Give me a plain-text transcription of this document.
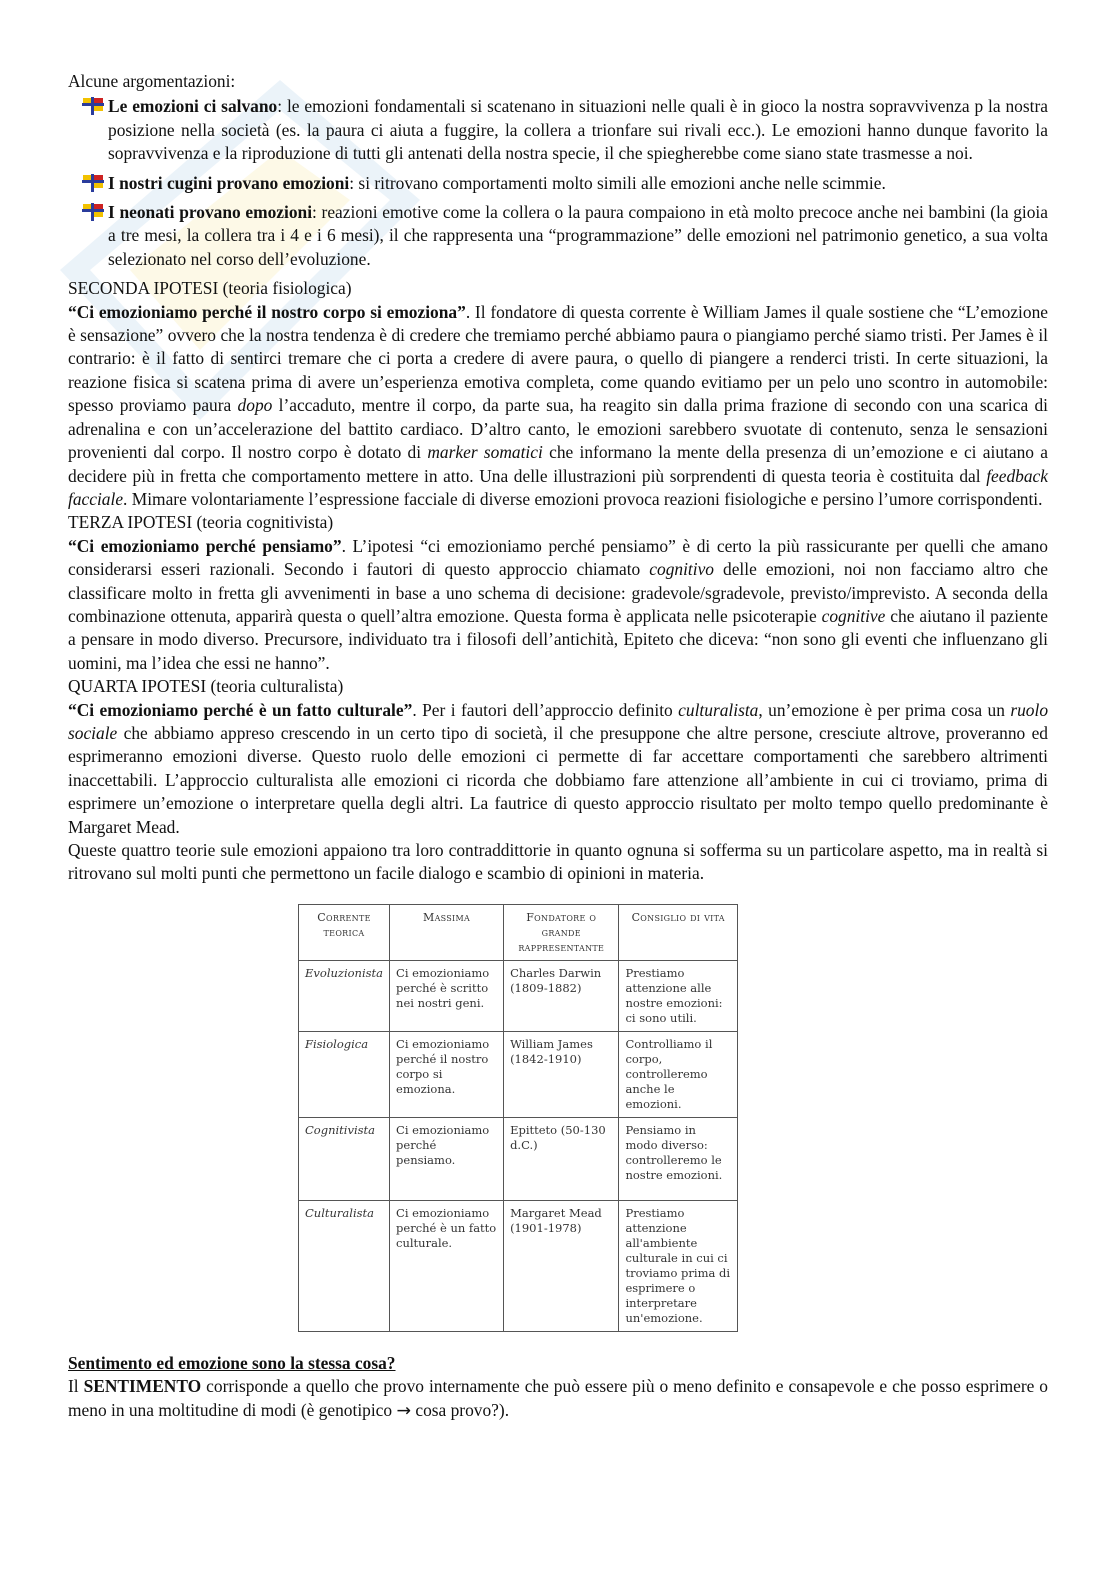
Alcune argomentazioni:

Le emozioni ci salvano: le emozioni fondamentali si scatenano in situazioni nelle quali è in gioco la nostra sopravvivenza p la nostra posizione nella società (es. la paura ci aiuta a fuggire, la collera a trionfare sui rivali ecc.). Le emozioni hanno dunque favorito la sopravvivenza e la riproduzione di tutti gli antenati della nostra specie, il che spiegherebbe come siano state trasmesse a noi.
I nostri cugini provano emozioni: si ritrovano comportamenti molto simili alle emozioni anche nelle scimmie.
I neonati provano emozioni: reazioni emotive come la collera o la paura compaiono in età molto precoce anche nei bambini (la gioia a tre mesi, la collera tra i 4 e i 6 mesi), il che rappresenta una “programmazione” delle emozioni nel patrimonio genetico, a sua volta selezionato nel corso dell’evoluzione.

SECONDA IPOTESI (teoria fisiologica)

“Ci emozioniamo perché il nostro corpo si emoziona”. Il fondatore di questa corrente è William James il quale sostiene che “L’emozione è sensazione” ovvero che la nostra tendenza è di credere che tremiamo perché abbiamo paura o piangiamo perché siamo tristi. Per James è il contrario: è il fatto di sentirci tremare che ci porta a credere di avere paura, o quello di piangere a renderci tristi. In certe situazioni, la reazione fisica si scatena prima di avere un’esperienza emotiva completa, come quando evitiamo per un pelo uno scontro in automobile: spesso proviamo paura dopo l’accaduto, mentre il corpo, da parte sua, ha reagito sin dalla prima frazione di secondo con una scarica di adrenalina e con un’accelerazione del battito cardiaco. D’altro canto, le emozioni sarebbero svuotate di contenuto, senza le sensazioni provenienti dal corpo. Il nostro corpo è dotato di marker somatici che informano la mente della presenza di un’emozione e ci aiutano a decidere più in fretta che comportamento mettere in atto. Una delle illustrazioni più sorprendenti di questa teoria è costituita dal feedback facciale. Mimare volontariamente l’espressione facciale di diverse emozioni provoca reazioni fisiologiche e persino l’umore corrispondenti.

TERZA IPOTESI (teoria cognitivista)

“Ci emozioniamo perché pensiamo”. L’ipotesi “ci emozioniamo perché pensiamo” è di certo la più rassicurante per quelli che amano considerarsi esseri razionali. Secondo i fautori di questo approccio chiamato cognitivo delle emozioni, noi non facciamo altro che classificare molto in fretta gli avvenimenti in base a uno schema di decisione: gradevole/sgradevole, previsto/imprevisto. A seconda della combinazione ottenuta, apparirà questa o quell’altra emozione. Questa forma è applicata nelle psicoterapie cognitive che aiutano il paziente a pensare in modo diverso. Precursore, individuato tra i filosofi dell’antichità, Epiteto che diceva: “non sono gli eventi che influenzano gli uomini, ma l’idea che essi ne hanno”.

QUARTA IPOTESI (teoria culturalista)

“Ci emozioniamo perché è un fatto culturale”. Per i fautori dell’approccio definito culturalista, un’emozione è per prima cosa un ruolo sociale che abbiamo appreso crescendo in un certo tipo di società, il che presuppone che altre persone, cresciute altrove, proveranno ed esprimeranno emozioni diverse. Questo ruolo delle emozioni ci permette di far accettare comportamenti che sarebbero altrimenti inaccettabili. L’approccio culturalista alle emozioni ci ricorda che dobbiamo fare attenzione all’ambiente in cui ci troviamo, prima di esprimere un’emozione o interpretare quella degli altri. La fautrice di questo approccio risultato per molto tempo quello predominante è Margaret Mead.

Queste quattro teorie sule emozioni appaiono tra loro contraddittorie in quanto ognuna si sofferma su un particolare aspetto, ma in realtà si ritrovano sul molti punti che permettono un facile dialogo e scambio di opinioni in materia.

Corrente teorica	Massima	Fondatore o grande rappresentante	Consiglio di vita
Evoluzionista	Ci emozioniamo perché è scritto nei nostri geni.	Charles Darwin (1809-1882)	Prestiamo attenzione alle nostre emozioni: ci sono utili.
Fisiologica	Ci emozioniamo perché il nostro corpo si emoziona.	William James (1842-1910)	Controlliamo il corpo, controlleremo anche le emozioni.
Cognitivista	Ci emozioniamo perché pensiamo.	Epitteto (50-130 d.C.)	Pensiamo in modo diverso: controlleremo le nostre emozioni.
Culturalista	Ci emozioniamo perché è un fatto culturale.	Margaret Mead (1901-1978)	Prestiamo attenzione all'ambiente culturale in cui ci troviamo prima di esprimere o interpretare un'emozione.

Sentimento ed emozione sono la stessa cosa?

Il SENTIMENTO corrisponde a quello che provo internamente che può essere più o meno definito e consapevole e che posso esprimere o meno in una moltitudine di modi (è genotipico → cosa provo?).
